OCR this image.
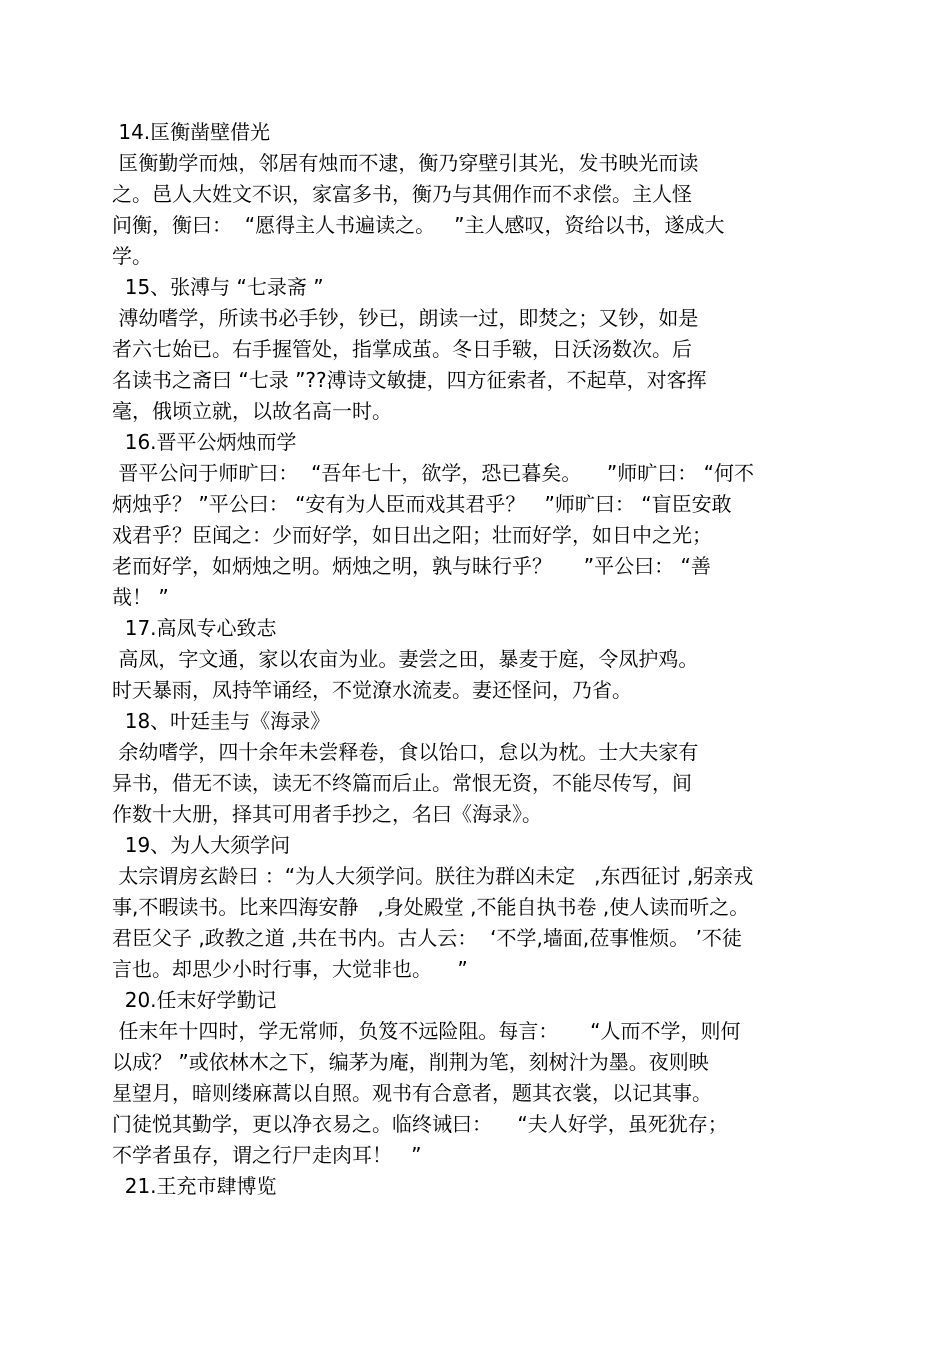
14.匡衡凿壁借光
匡衡勤学而烛，邻居有烛而不逮，衡乃穿壁引其光，发书映光而读
之。邑人大姓文不识，家富多书，衡乃与其佣作而不求偿。主人怪
问衡，衡曰：  “愿得主人书遍读之。   ”主人感叹，资给以书，遂成大
学。
15、张溥与 “七录斋 ”
溥幼嗜学，所读书必手钞，钞已，朗读一过，即焚之；又钞，如是
者六七始已。右手握管处，指掌成茧。冬日手皲，日沃汤数次。后
名读书之斋曰 “七录 ”??溥诗文敏捷，四方征索者，不起草，对客挥
毫，俄顷立就，以故名高一时。
16.晋平公炳烛而学
晋平公问于师旷曰：  “吾年七十，欲学，恐已暮矣。    ”师旷曰： “何不
炳烛乎？ ”平公曰： “安有为人臣而戏其君乎？   ”师旷曰： “盲臣安敢
戏君乎？臣闻之：少而好学，如日出之阳；壮而好学，如日中之光；
老而好学，如炳烛之明。炳烛之明，孰与昧行乎？     ”平公曰： “善
哉！ ”
17.高凤专心致志
高凤，字文通，家以农亩为业。妻尝之田，暴麦于庭，令凤护鸡。
时天暴雨，凤持竿诵经，不觉潦水流麦。妻还怪问，乃省。
18、叶廷圭与《海录》
余幼嗜学，四十余年未尝释卷，食以饴口，怠以为枕。士大夫家有
异书，借无不读，读无不终篇而后止。常恨无资，不能尽传写，间
作数十大册，择其可用者手抄之，名曰《海录》。
19、为人大须学问
太宗谓房玄龄曰 ：“为人大须学问。朕往为群凶未定   ,东西征讨 ,躬亲戎
事,不暇读书。比来四海安静   ,身处殿堂 ,不能自执书卷 ,使人读而听之。
君臣父子 ,政教之道 ,共在书内。古人云：  ‘不学,墙面,莅事惟烦。 ’不徒
言也。却思少小时行事，大觉非也。    ”
20.任末好学勤记
任末年十四时，学无常师，负笈不远险阻。每言：     “人而不学，则何
以成？ ”或依林木之下，编茅为庵，削荆为笔，刻树汁为墨。夜则映
星望月，暗则缕麻蒿以自照。观书有合意者，题其衣裳，以记其事。
门徒悦其勤学，更以净衣易之。临终诫曰：    “夫人好学，虽死犹存；
不学者虽存，谓之行尸走肉耳！   ”
21.王充市肆博览
